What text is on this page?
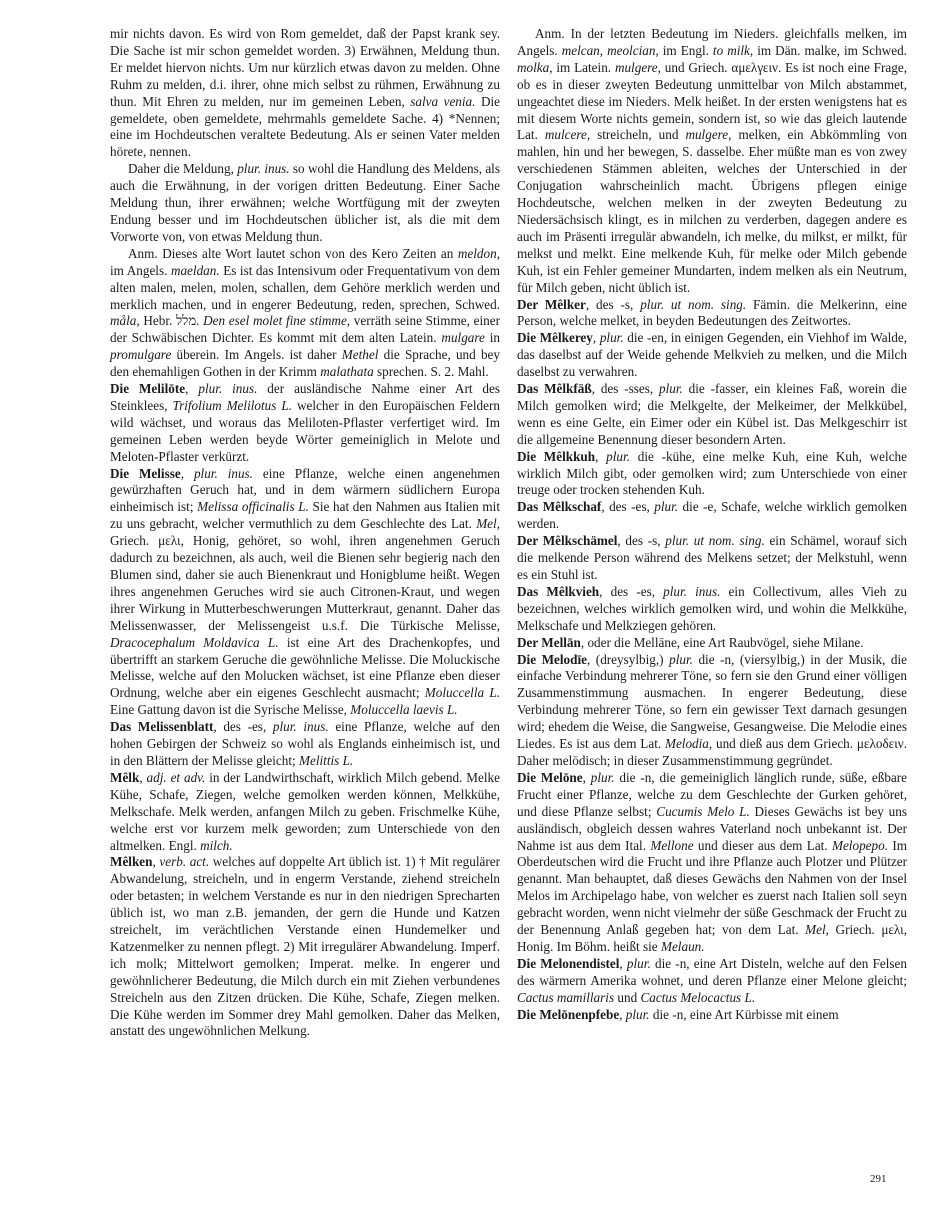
mir nichts davon. Es wird von Rom gemeldet, daß der Papst krank sey. Die Sache ist mir schon gemeldet worden. 3) Erwähnen, Meldung thun. Er meldet hiervon nichts. Um nur kürzlich etwas davon zu melden. Ohne Ruhm zu melden, d.i. ihrer, ohne mich selbst zu rühmen, Erwähnung zu thun. Mit Ehren zu melden, nur im gemeinen Leben, salva venia. Die gemeldete, oben gemeldete, mehrmahls gemeldete Sache. 4) *Nennen; eine im Hochdeutschen veraltete Bedeutung. Als er seinen Vater melden hörete, nennen.

Daher die Meldung, plur. inus. so wohl die Handlung des Meldens, als auch die Erwähnung, in der vorigen dritten Bedeutung. Einer Sache Meldung thun, ihrer erwähnen; welche Wortfügung mit der zweyten Endung besser und im Hochdeutschen üblicher ist, als die mit dem Vorworte von, von etwas Meldung thun.

Anm. Dieses alte Wort lautet schon von des Kero Zeiten an meldon, im Angels. maeldan. Es ist das Intensivum oder Frequentativum von dem alten malen, melen, molen, schallen, dem Gehöre merklich werden und merklich machen, und in engerer Bedeutung, reden, sprechen, Schwed. måla, Hebr. מלל. Den esel molet fine stimme, verräth seine Stimme, einer der Schwäbischen Dichter. Es kommt mit dem alten Latein. mulgare in promulgare überein. Im Angels. ist daher Methel die Sprache, und bey den ehemahligen Gothen in der Krimm malathata sprechen. S. 2. Mahl.

Die Melilōte, plur. inus. der ausländische Nahme einer Art des Steinklees, Trifolium Melilotus L. welcher in den Europäischen Feldern wild wächset, und woraus das Meliloten-Pflaster verfertiget wird. Im gemeinen Leben werden beyde Wörter gemeiniglich in Melote und Meloten-Pflaster verkürzt.

Die Melisse, plur. inus. eine Pflanze, welche einen angenehmen gewürzhaften Geruch hat, und in dem wärmern südlichern Europa einheimisch ist; Melissa officinalis L. Sie hat den Nahmen aus Italien mit zu uns gebracht, welcher vermuthlich zu dem Geschlechte des Lat. Mel, Griech. μελι, Honig, gehöret, so wohl, ihren angenehmen Geruch dadurch zu bezeichnen, als auch, weil die Bienen sehr begierig nach den Blumen sind, daher sie auch Bienenkraut und Honigblume heißt. Wegen ihres angenehmen Geruches wird sie auch Citronen-Kraut, und wegen ihrer Wirkung in Mutterbeschwerungen Mutterkraut, genannt. Daher das Melissenwasser, der Melissengeist u.s.f. Die Türkische Melisse, Dracocephalum Moldavica L. ist eine Art des Drachenkopfes, und übertrifft an starkem Geruche die gewöhnliche Melisse. Die Moluckische Melisse, welche auf den Molucken wächset, ist eine Pflanze eben dieser Ordnung, welche aber ein eigenes Geschlecht ausmacht; Moluccella L. Eine Gattung davon ist die Syrische Melisse, Moluccella laevis L.

Das Melissenblatt, des -es, plur. inus. eine Pflanze, welche auf den hohen Gebirgen der Schweiz so wohl als Englands einheimisch ist, und in den Blättern der Melisse gleicht; Melittis L.

Mêlk, adj. et adv. in der Landwirthschaft, wirklich Milch gebend. Melke Kühe, Schafe, Ziegen, welche gemolken werden können, Melkkühe, Melkschafe. Melk werden, anfangen Milch zu geben. Frischmelke Kühe, welche erst vor kurzem melk geworden; zum Unterschiede von den altmelken. Engl. milch.

Mêlken, verb. act. welches auf doppelte Art üblich ist. 1) † Mit regulärer Abwandelung, streicheln, und in engerm Verstande, ziehend streicheln oder betasten; in welchem Verstande es nur in den niedrigen Sprecharten üblich ist, wo man z.B. jemanden, der gern die Hunde und Katzen streichelt, im verächtlichen Verstande einen Hundemelker und Katzenmelker zu nennen pflegt. 2) Mit irregulärer Abwandelung. Imperf. ich molk; Mittelwort gemolken; Imperat. melke. In engerer und gewöhnlicherer Bedeutung, die Milch durch ein mit Ziehen verbundenes Streicheln aus den Zitzen drücken. Die Kühe, Schafe, Ziegen melken. Die Kühe werden im Sommer drey Mahl gemolken. Daher das Melken, anstatt des ungewöhnlichen Melkung.

Anm. In der letzten Bedeutung im Nieders. gleichfalls melken, im Angels. melcan, meolcian, im Engl. to milk, im Dän. malke, im Schwed. molka, im Latein. mulgere, und Griech. αμελγειν. Es ist noch eine Frage, ob es in dieser zweyten Bedeutung unmittelbar von Milch abstammet, ungeachtet diese im Nieders. Melk heißet. In der ersten wenigstens hat es mit diesem Worte nichts gemein, sondern ist, so wie das gleich lautende Lat. mulcere, streicheln, und mulgere, melken, ein Abkömmling von mahlen, hin und her bewegen, S. dasselbe. Eher müßte man es von zwey verschiedenen Stämmen ableiten, welches der Unterschied in der Conjugation wahrscheinlich macht. Übrigens pflegen einige Hochdeutsche, welchen melken in der zweyten Bedeutung zu Niedersächsisch klingt, es in milchen zu verderben, dagegen andere es auch im Präsenti irregulär abwandeln, ich melke, du milkst, er milkt, für melkst und melkt. Eine melkende Kuh, für melke oder Milch gebende Kuh, ist ein Fehler gemeiner Mundarten, indem melken als ein Neutrum, für Milch geben, nicht üblich ist.

Der Mêlker, des -s, plur. ut nom. sing. Fämin. die Melkerinn, eine Person, welche melket, in beyden Bedeutungen des Zeitwortes.

Die Mêlkerey, plur. die -en, in einigen Gegenden, ein Viehhof im Walde, das daselbst auf der Weide gehende Melkvieh zu melken, und die Milch daselbst zu verwahren.

Das Mêlkfäß, des -sses, plur. die -fasser, ein kleines Faß, worein die Milch gemolken wird; die Melkgelte, der Melkeimer, der Melkkübel, wenn es eine Gelte, ein Eimer oder ein Kübel ist. Das Melkgeschirr ist die allgemeine Benennung dieser besondern Arten.

Die Mêlkkuh, plur. die -kühe, eine melke Kuh, eine Kuh, welche wirklich Milch gibt, oder gemolken wird; zum Unterschiede von einer treuge oder trocken stehenden Kuh.

Das Mêlkschaf, des -es, plur. die -e, Schafe, welche wirklich gemolken werden.

Der Mêlkschämel, des -s, plur. ut nom. sing. ein Schämel, worauf sich die melkende Person während des Melkens setzet; der Melkstuhl, wenn es ein Stuhl ist.

Das Mêlkvieh, des -es, plur. inus. ein Collectivum, alles Vieh zu bezeichnen, welches wirklich gemolken wird, und wohin die Melkkühe, Melkschafe und Melkziegen gehören.

Der Mellān, oder die Mellāne, eine Art Raubvögel, siehe Milane.

Die Melodīe, (dreysylbig,) plur. die -n, (viersylbig,) in der Musik, die einfache Verbindung mehrerer Töne, so fern sie den Grund einer völligen Zusammenstimmung ausmachen. In engerer Bedeutung, diese Verbindung mehrerer Töne, so fern ein gewisser Text darnach gesungen wird; ehedem die Weise, die Sangweise, Gesangweise. Die Melodie eines Liedes. Es ist aus dem Lat. Melodia, und dieß aus dem Griech. μελοδειν. Daher melōdisch; in dieser Zusammenstimmung gegründet.

Die Melōne, plur. die -n, die gemeiniglich länglich runde, süße, eßbare Frucht einer Pflanze, welche zu dem Geschlechte der Gurken gehöret, und diese Pflanze selbst; Cucumis Melo L. Dieses Gewächs ist bey uns ausländisch, obgleich dessen wahres Vaterland noch unbekannt ist. Der Nahme ist aus dem Ital. Mellone und dieser aus dem Lat. Melopepo. Im Oberdeutschen wird die Frucht und ihre Pflanze auch Plotzer und Plützer genannt. Man behauptet, daß dieses Gewächs den Nahmen von der Insel Melos im Archipelago habe, von welcher es zuerst nach Italien soll seyn gebracht worden, wenn nicht vielmehr der süße Geschmack der Frucht zu der Benennung Anlaß gegeben hat; von dem Lat. Mel, Griech. μελι, Honig. Im Böhm. heißt sie Melaun.

Die Melonendistel, plur. die -n, eine Art Disteln, welche auf den Felsen des wärmern Amerika wohnet, und deren Pflanze einer Melone gleicht; Cactus mamillaris und Cactus Melocactus L.

Die Melōnenpfebe, plur. die -n, eine Art Kürbisse mit einem

291
